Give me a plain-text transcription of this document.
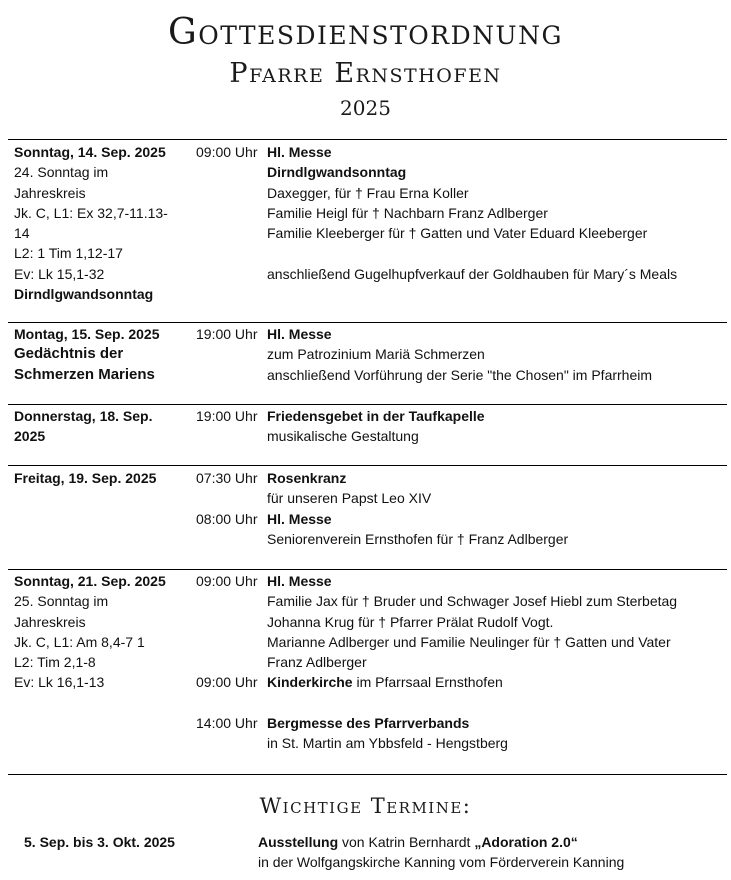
Gottesdienstordnung
Pfarre Ernsthofen
2025
Sonntag, 14. Sep. 2025
24. Sonntag im
Jahreskreis
Jk. C, L1: Ex 32,7-11.13-
14
L2: 1 Tim 1,12-17
Ev: Lk 15,1-32
Dirndlgwandsonntag
09:00 Uhr Hl. Messe
Dirndlgwandsonntag
Daxegger, für † Frau Erna Koller
Familie Heigl für † Nachbarn Franz Adlberger
Familie Kleeberger für † Gatten und Vater Eduard Kleeberger
anschließend Gugelhupfverkauf der Goldhauben für Mary´s Meals
Montag, 15. Sep. 2025
Gedächtnis der
Schmerzen Mariens
19:00 Uhr Hl. Messe
zum Patrozinium Mariä Schmerzen
anschließend Vorführung der Serie "the Chosen" im Pfarrheim
Donnerstag, 18. Sep.
2025
19:00 Uhr Friedensgebet in der Taufkapelle
musikalische Gestaltung
Freitag, 19. Sep. 2025	07:30 Uhr
08:00 Uhr
Rosenkranz
für unseren Papst Leo XIV
Hl. Messe
Seniorenverein Ernsthofen für † Franz Adlberger
Sonntag, 21. Sep. 2025
25. Sonntag im
Jahreskreis
Jk. C, L1: Am 8,4-7 1
L2: Tim 2,1-8
Ev: Lk 16,1-13
09:00 Uhr
09:00 Uhr
14:00 Uhr
Hl. Messe
Familie Jax für † Bruder und Schwager Josef Hiebl zum Sterbetag
Johanna Krug für † Pfarrer Prälat Rudolf Vogt.
Marianne Adlberger und Familie Neulinger für † Gatten und Vater
Franz Adlberger
Kinderkirche im Pfarrsaal Ernsthofen
Bergmesse des Pfarrverbands
in St. Martin am Ybbsfeld - Hengstberg
Wichtige Termine:
5. Sep. bis 3. Okt. 2025	Ausstellung von Katrin Bernhardt „Adoration 2.0“
in der Wolfgangskirche Kanning vom Förderverein Kanning
